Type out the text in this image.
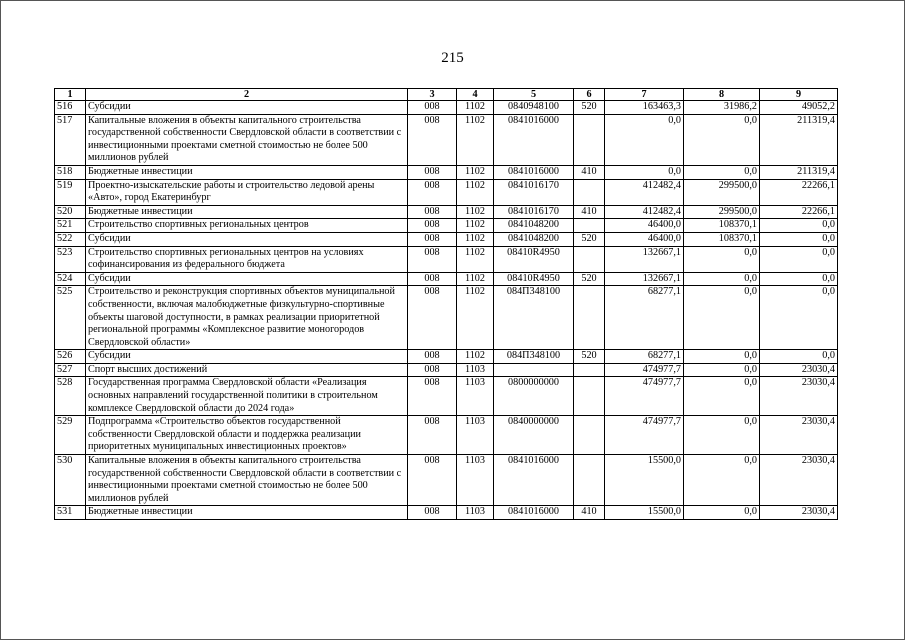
215
1	2	3	4	5	6	7	8	9
516	Субсидии	008	1102	0840948100	520	163463,3	31986,2	49052,2
517	Капитальные вложения в объекты капитального строительства государственной собственности Свердловской области в соответствии с инвестиционными проектами сметной стоимостью не более 500 миллионов рублей	008	1102	0841016000		0,0	0,0	211319,4
518	Бюджетные инвестиции	008	1102	0841016000	410	0,0	0,0	211319,4
519	Проектно-изыскательские работы и строительство ледовой арены «Авто», город Екатеринбург	008	1102	0841016170		412482,4	299500,0	22266,1
520	Бюджетные инвестиции	008	1102	0841016170	410	412482,4	299500,0	22266,1
521	Строительство спортивных региональных центров	008	1102	0841048200		46400,0	108370,1	0,0
522	Субсидии	008	1102	0841048200	520	46400,0	108370,1	0,0
523	Строительство спортивных региональных центров на условиях софинансирования из федерального бюджета	008	1102	08410R4950		132667,1	0,0	0,0
524	Субсидии	008	1102	08410R4950	520	132667,1	0,0	0,0
525	Строительство и реконструкция спортивных объектов муниципальной собственности, включая малобюджетные физкультурно-спортивные объекты шаговой доступности, в рамках реализации приоритетной региональной программы «Комплексное развитие моногородов Свердловской области»	008	1102	084П348100		68277,1	0,0	0,0
526	Субсидии	008	1102	084П348100	520	68277,1	0,0	0,0
527	Спорт высших достижений	008	1103			474977,7	0,0	23030,4
528	Государственная программа Свердловской области «Реализация основных направлений государственной политики в строительном комплексе Свердловской области до 2024 года»	008	1103	0800000000		474977,7	0,0	23030,4
529	Подпрограмма «Строительство объектов государственной собственности Свердловской области и поддержка реализации приоритетных муниципальных инвестиционных проектов»	008	1103	0840000000		474977,7	0,0	23030,4
530	Капитальные вложения в объекты капитального строительства государственной собственности Свердловской области в соответствии с инвестиционными проектами сметной стоимостью не более 500 миллионов рублей	008	1103	0841016000		15500,0	0,0	23030,4
531	Бюджетные инвестиции	008	1103	0841016000	410	15500,0	0,0	23030,4
